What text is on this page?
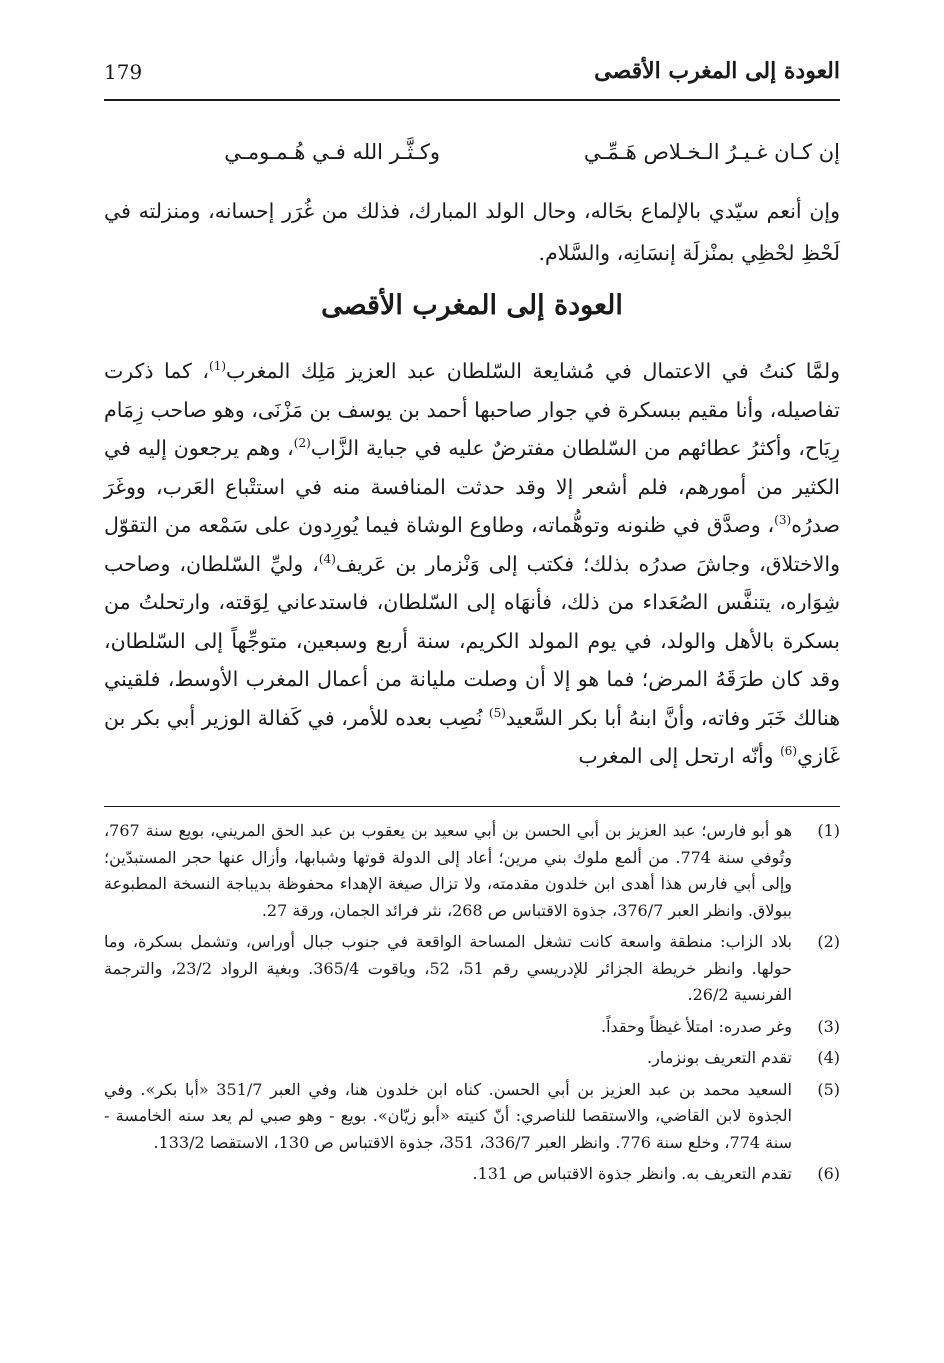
العودة إلى المغرب الأقصى
179
إن كـان غـيـرُ الـخـلاص هَـمِّـي
وكـثَّـر الله فـي هُـمـومـي

وإن أنعم سيّدي بالإلماع بحَاله، وحال الولد المبارك، فذلك من غُرَر إحسانه، ومنزلته في لَحْظِ لحْظِي بمنْزلَة إنسَانِه، والسَّلام.

العودة إلى المغرب الأقصى

ولمَّا كنتُ في الاعتمال في مُشايعة السّلطان عبد العزيز مَلِك المغرب$^{(1)}$، كما ذكرت تفاصيله، وأنا مقيم ببسكرة في جوار صاحبها أحمد بن يوسف بن مَزْنَى، وهو صاحب زِمَام رِيَاح، وأكثرُ عطائهم من السّلطان مفترضٌ عليه في جباية الزَّاب$^{(2)}$، وهم يرجعون إليه في الكثير من أمورهم، فلم أشعر إلا وقد حدثت المنافسة منه في استتْباع العَرب، ووغَرَ صدرُه$^{(3)}$، وصدَّق في ظنونه وتوهُّماته، وطاوع الوشاة فيما يُورِدون على سَمْعه من التقوّل والاختلاق، وجاشَ صدرُه بذلك؛ فكتب إلى وَنْزمار بن عَريف$^{(4)}$، وليِّ السّلطان، وصاحب شِوَاره، يتنفَّس الصُعَداء من ذلك، فأنهَاه إلى السّلطان، فاستدعاني لِوَقته، وارتحلتُ من بسكرة بالأهل والولد، في يوم المولد الكريم، سنة أربع وسبعين، متوجِّهاً إلى السّلطان، وقد كان طرَقَهُ المرض؛ فما هو إلا أن وصلت مليانة من أعمال المغرب الأوسط، فلقيني هنالك خَبَر وفاته، وأنَّ ابنهُ أبا بكر السَّعيد$^{(5)}$ نُصِب بعده للأمر، في كَفالة الوزير أبي بكر بن غَازي$^{(6)}$ وأنّه ارتحل إلى المغرب

(1)
هو أبو فارس؛ عبد العزيز بن أبي الحسن بن أبي سعيد بن يعقوب بن عبد الحق المريني، بويع سنة 767، وتُوفي سنة 774. من ألمع ملوك بني مرين؛ أعاد إلى الدولة قوتها وشبابها، وأزال عنها حجر المستبدّين؛ وإلى أبي فارس هذا أهدى ابن خلدون مقدمته، ولا تزال صيغة الإهداء محفوظة بديباجة النسخة المطبوعة ببولاق. وانظر العبر 376/7، جذوة الاقتباس ص 268، نثر فرائد الجمان، ورقة 27.
(2)
بلاد الزاب: منطقة واسعة كانت تشغل المساحة الواقعة في جنوب جبال أوراس، وتشمل بسكرة، وما حولها. وانظر خريطة الجزائر للإدريسي رقم 51، 52، وياقوت 365/4. وبغية الرواد 23/2، والترجمة الفرنسية 26/2.
(3)
وغر صدره: امتلأ غيظاً وحقداً.
(4)
تقدم التعريف بونزمار.
(5)
السعيد محمد بن عبد العزيز بن أبي الحسن. كناه ابن خلدون هنا، وفي العبر 351/7 «أبا بكر». وفي الجذوة لابن القاضي، والاستقصا للناصري: أنّ كنيته «أبو زيّان». بويع - وهو صبي لم يعد سنه الخامسة - سنة 774، وخلع سنة 776. وانظر العبر 336/7، 351، جذوة الاقتباس ص 130، الاستقصا 133/2.
(6)
تقدم التعريف به. وانظر جذوة الاقتباس ص 131.
